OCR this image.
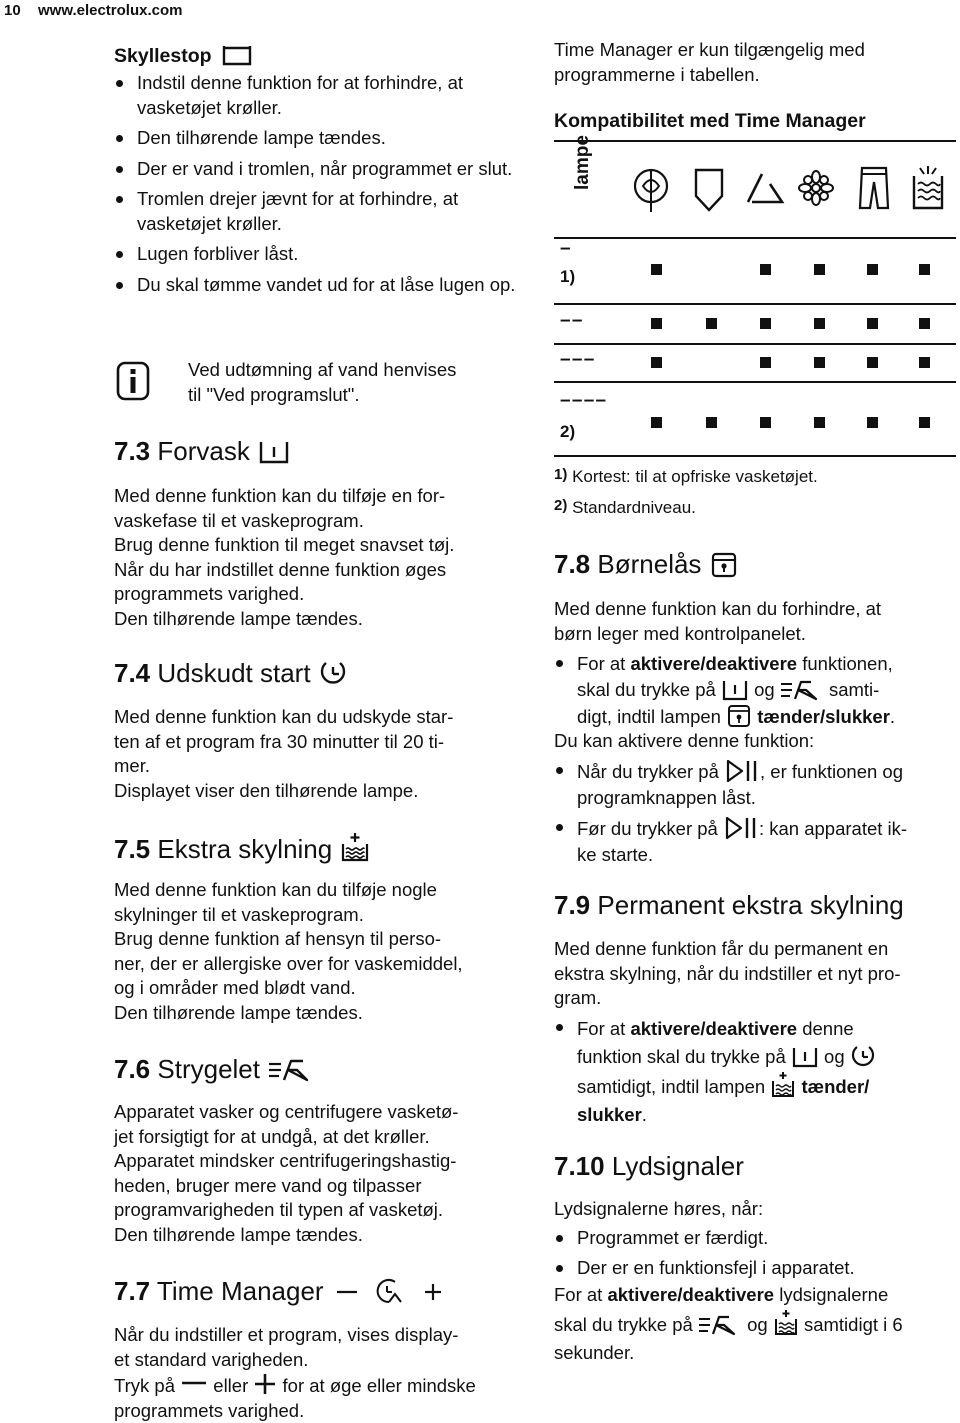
10 www.electrolux.com
Skyllestop
Indstil denne funktion for at forhindre, at vasketøjet krøller.
Den tilhørende lampe tændes.
Der er vand i tromlen, når programmet er slut.
Tromlen drejer jævnt for at forhindre, at vasketøjet krøller.
Lugen forbliver låst.
Du skal tømme vandet ud for at låse lugen op.
Ved udtømning af vand henvises
til "Ved programslut".
7.3 Forvask
Med denne funktion kan du tilføje en for-
vaskefase til et vaskeprogram.
Brug denne funktion til meget snavset tøj.
Når du har indstillet denne funktion øges
programmets varighed.
Den tilhørende lampe tændes.
7.4 Udskudt start
Med denne funktion kan du udskyde star-
ten af et program fra 30 minutter til 20 ti-
mer.
Displayet viser den tilhørende lampe.
7.5 Ekstra skylning
Med denne funktion kan du tilføje nogle
skylninger til et vaskeprogram.
Brug denne funktion af hensyn til perso-
ner, der er allergiske over for vaskemiddel,
og i områder med blødt vand.
Den tilhørende lampe tændes.
7.6 Strygelet
Apparatet vasker og centrifugere vasketø-
jet forsigtigt for at undgå, at det krøller.
Apparatet mindsker centrifugeringshastig-
heden, bruger mere vand og tilpasser
programvarigheden til typen af vasketøj.
Den tilhørende lampe tændes.
7.7 Time Manager
Når du indstiller et program, vises display-
et standard varigheden.
Tryk på eller for at øge eller mindske
programmets varighed.
Time Manager er kun tilgængelig med
programmerne i tabellen.
Kompatibilitet med Time Manager
lampe
–
1)
– –
– – –
– – – –
2)
1) Kortest: til at opfriske vasketøjet.
2) Standardniveau.
7.8 Børnelås
Med denne funktion kan du forhindre, at
børn leger med kontrolpanelet.
For at aktivere/deaktivere funktionen,
skal du trykke på og	samti-
digt, indtil lampen tænder/slukker.
Du kan aktivere denne funktion:
Når du trykker på , er funktionen og
programknappen låst.
Før du trykker på : kan apparatet ik-
ke starte.
7.9 Permanent ekstra skylning
Med denne funktion får du permanent en
ekstra skylning, når du indstiller et nyt pro-
gram.
For at aktivere/deaktivere denne
funktion skal du trykke på og
samtidigt, indtil lampen tænder/
slukker.
7.10 Lydsignaler
Lydsignalerne høres, når:
Programmet er færdigt.
Der er en funktionsfejl i apparatet.
For at aktivere/deaktivere lydsignalerne
skal du trykke på	og samtidigt i 6
sekunder.
